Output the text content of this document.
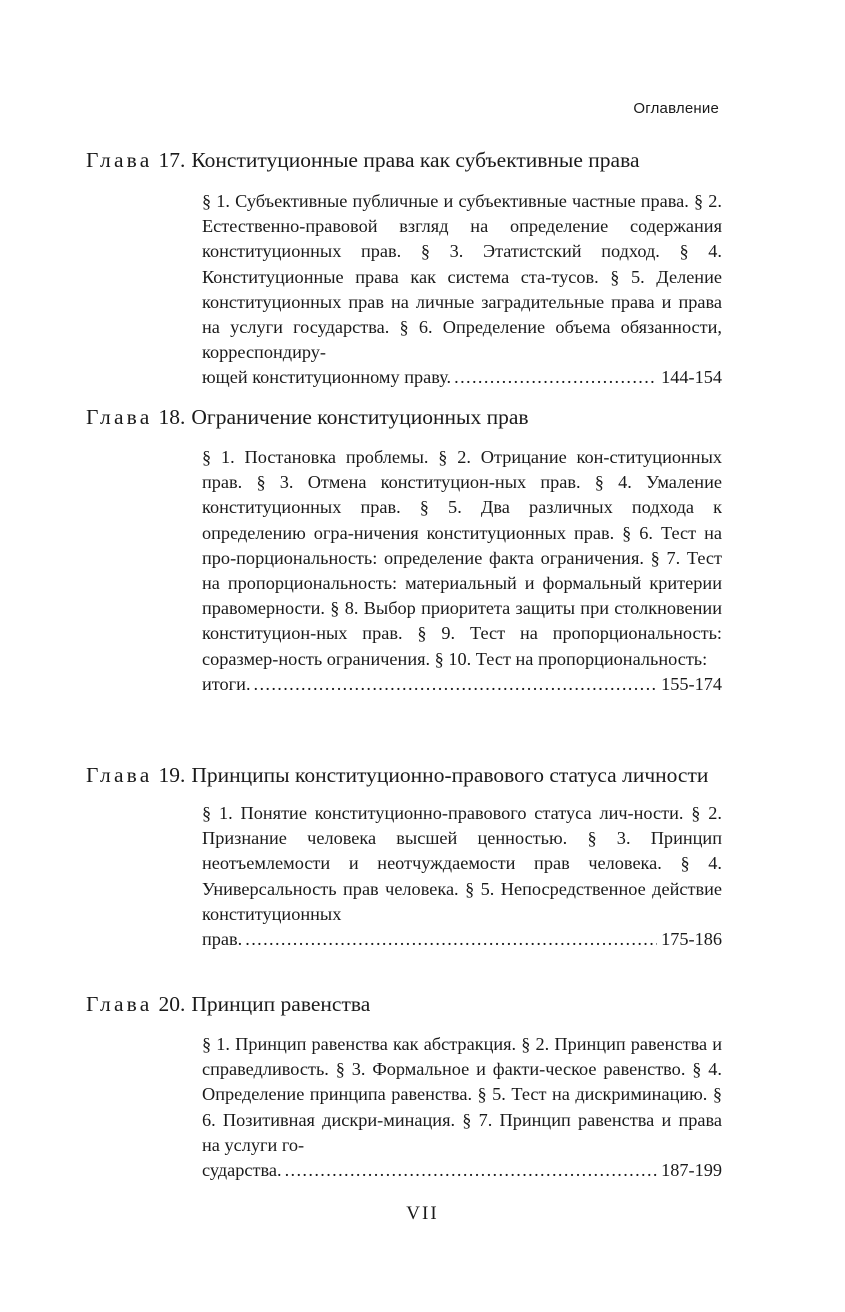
Оглавление
Глава 17. Конституционные права как субъективные права
§ 1. Субъективные публичные и субъективные частные права. § 2. Естественно-правовой взгляд на определение содержания конституционных прав. § 3. Этатистский подход. § 4. Конституционные права как система ста-тусов. § 5. Деление конституционных прав на личные заградительные права и права на услуги государства. § 6. Определение объема обязанности, корреспондиру-
ющей конституционному праву. . . .	144-154
Глава 18. Ограничение конституционных прав
§ 1. Постановка проблемы. § 2. Отрицание кон-ституционных прав. § 3. Отмена конституцион-ных прав. § 4. Умаление конституционных прав. § 5. Два различных подхода к определению огра-ничения конституционных прав. § 6. Тест на про-порциональность: определение факта ограничения. § 7. Тест на пропорциональность: материальный и формальный критерии правомерности. § 8. Выбор приоритета защиты при столкновении конституцион-ных прав. § 9. Тест на пропорциональность: соразмер-ность ограничения. § 10. Тест на пропорциональность:
итоги. . . .	155-174
Глава 19. Принципы конституционно-правового статуса личности
§ 1. Понятие конституционно-правового статуса лич-ности. § 2. Признание человека высшей ценностью. § 3. Принцип неотъемлемости и неотчуждаемости прав человека. § 4. Универсальность прав человека. § 5. Непосредственное действие конституционных
прав. . . .	175-186
Глава 20. Принцип равенства
§ 1. Принцип равенства как абстракция. § 2. Принцип равенства и справедливость. § 3. Формальное и факти-ческое равенство. § 4. Определение принципа равенства. § 5. Тест на дискриминацию. § 6. Позитивная дискри-минация. § 7. Принцип равенства и права на услуги го-
сударства. . . .	187-199
VII
